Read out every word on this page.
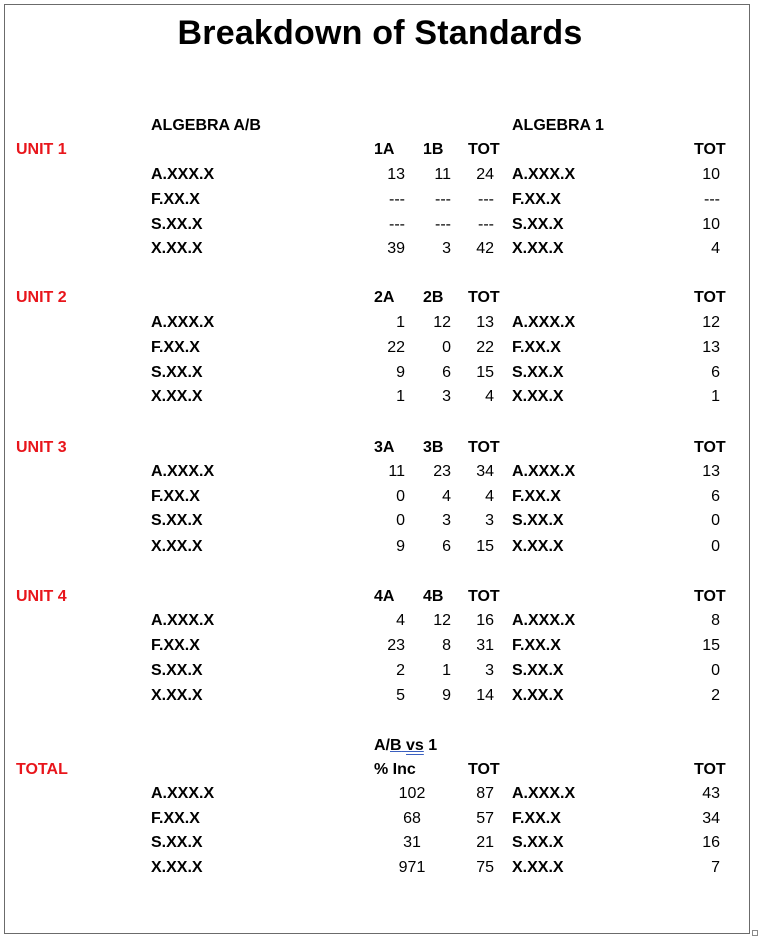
Breakdown of Standards
ALGEBRA A/B	ALGEBRA 1
UNIT 1	1A 1B TOT	TOT
A.XXX.X	13 11 24 A.XXX.X	10
F.XX.X	--- --- --- F.XX.X	---
S.XX.X	--- --- --- S.XX.X	10
X.XX.X	39 3 42 X.XX.X	4
UNIT 2	2A 2B TOT	TOT
A.XXX.X	1 12 13 A.XXX.X	12
F.XX.X	22 0 22 F.XX.X	13
S.XX.X	9 6 15 S.XX.X	6
X.XX.X	1 3 4 X.XX.X	1
UNIT 3	3A 3B TOT	TOT
A.XXX.X	11 23 34 A.XXX.X	13
F.XX.X	0 4 4 F.XX.X	6
S.XX.X	0 3 3 S.XX.X	0
X.XX.X	9 6 15 X.XX.X	0
UNIT 4	4A 4B TOT	TOT
A.XXX.X	4 12 16 A.XXX.X	8
F.XX.X	23 8 31 F.XX.X	15
S.XX.X	2 1 3 S.XX.X	0
X.XX.X	5 9 14 X.XX.X	2
A/B vs 1
TOTAL	% Inc	TOT	TOT
A.XXX.X	102	87 A.XXX.X	43
F.XX.X	68	57 F.XX.X	34
S.XX.X	31	21 S.XX.X	16
X.XX.X	971	75 X.XX.X	7
